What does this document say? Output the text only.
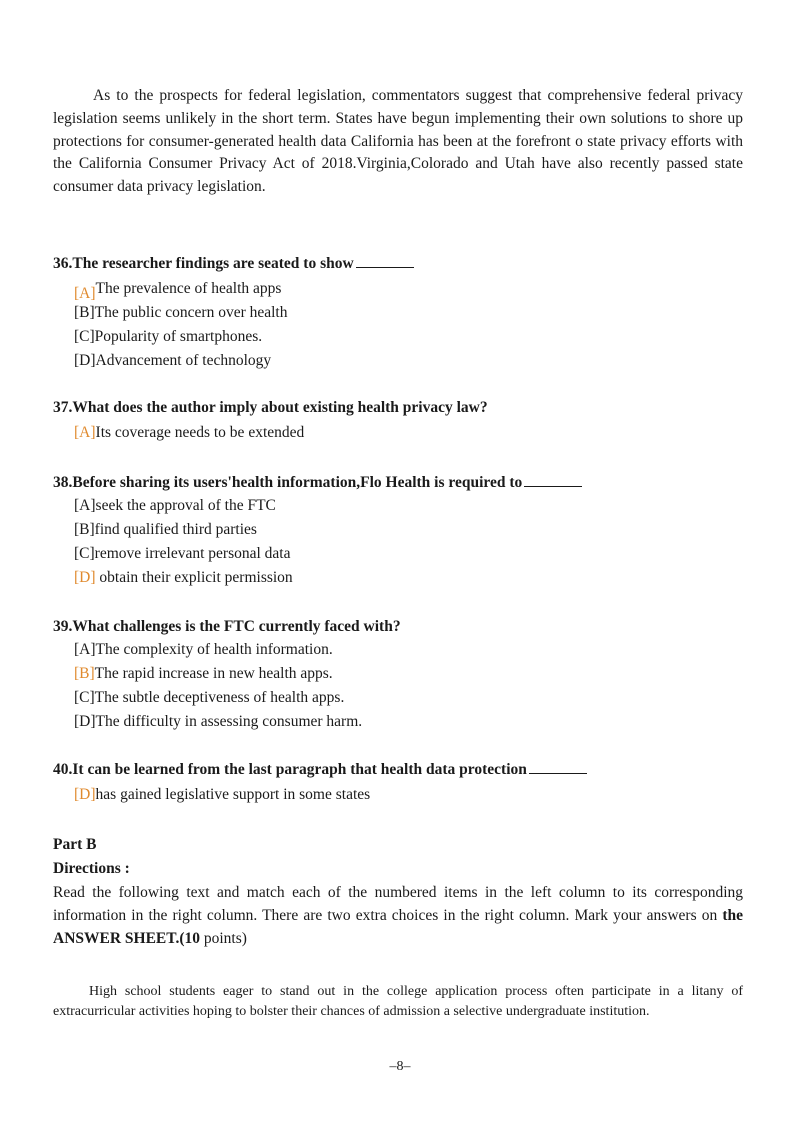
As to the prospects for federal legislation, commentators suggest that comprehensive federal privacy legislation seems unlikely in the short term. States have begun implementing their own solutions to shore up protections for consumer-generated health data California has been at the forefront o state privacy efforts with the California Consumer Privacy Act of 2018.Virginia,Colorado and Utah have also recently passed state consumer data privacy legislation.

36.The researcher findings are seated to show

[A]The prevalence of health apps

[B]The public concern over health

[C]Popularity of smartphones.

[D]Advancement of technology

37.What does the author imply about existing health privacy law?

[A]Its coverage needs to be extended

38.Before sharing its users'health information,Flo Health is required to

[A]seek the approval of the FTC

[B]find qualified third parties

[C]remove irrelevant personal data

[D] obtain their explicit permission

39.What challenges is the FTC currently faced with?

[A]The complexity of health information.

[B]The rapid increase in new health apps.

[C]The subtle deceptiveness of health apps.

[D]The difficulty in assessing consumer harm.

40.It can be learned from the last paragraph that health data protection

[D]has gained legislative support in some states

Part B

Directions :

Read the following text and match each of the numbered items in the left column to its corresponding information in the right column. There are two extra choices in the right column. Mark your answers on the ANSWER SHEET.(10 points)

High school students eager to stand out in the college application process often participate in a litany of extracurricular activities hoping to bolster their chances of admission a selective undergraduate institution.

–8–
